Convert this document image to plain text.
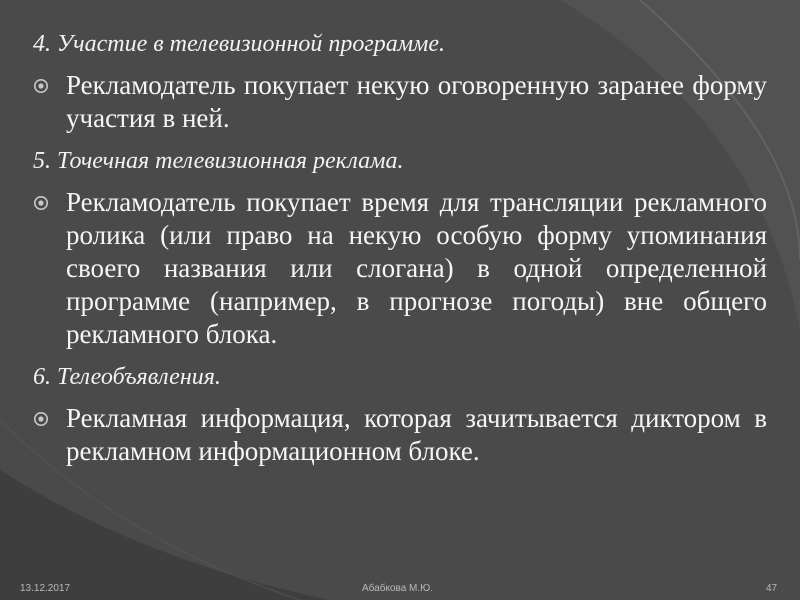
4. Участие в телевизионной программе.
Рекламодатель покупает некую оговоренную заранее форму участия в ней.
5. Точечная телевизионная реклама.
Рекламодатель покупает время для трансляции рекламного ролика (или право на некую особую форму упоминания своего названия или слогана) в одной определенной программе (например, в прогнозе погоды) вне общего рекламного блока.
6. Телеобъявления.
Рекламная информация, которая зачитывается диктором в рекламном информационном блоке.
13.12.2017	Абабкова М.Ю.	47
